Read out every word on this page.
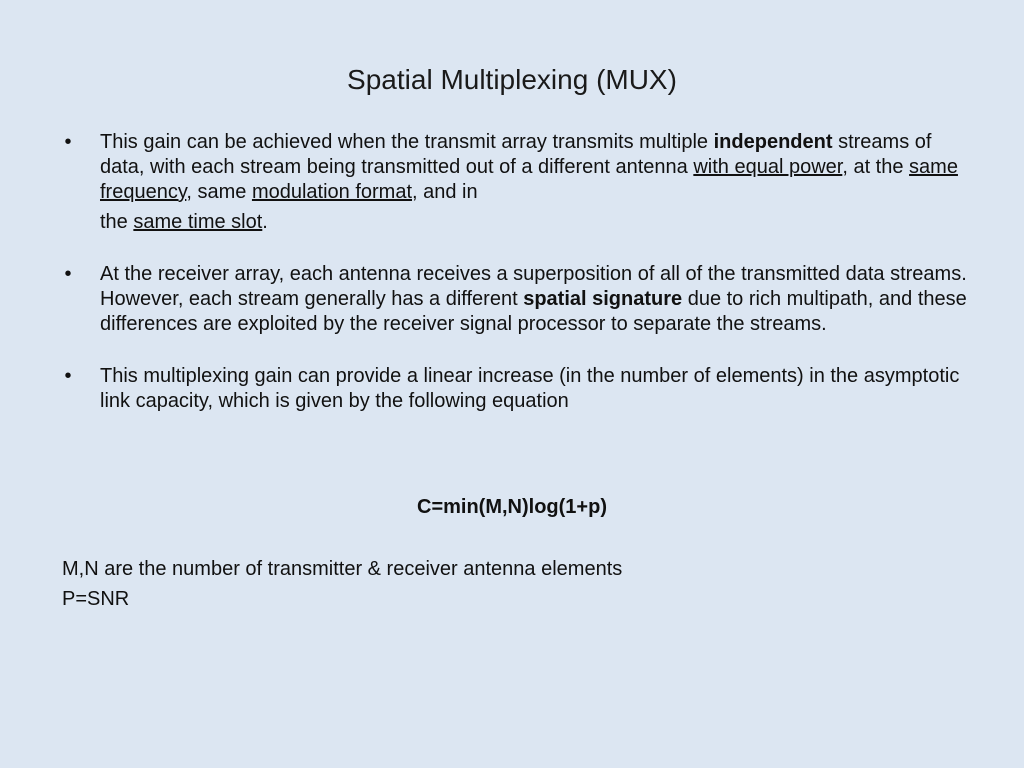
Spatial Multiplexing (MUX)
•	This gain can be achieved when the transmit array transmits multiple independent streams of data, with each stream being transmitted out of a different antenna with equal power, at the same frequency, same modulation format, and in
the same time slot.
•	At the receiver array, each antenna receives a superposition of all of the transmitted data streams. However, each stream generally has a different spatial signature due to rich multipath, and these differences are exploited by the receiver signal processor to separate the streams.
•	This multiplexing gain can provide a linear increase (in the number of elements) in the asymptotic link capacity, which is given by the following equation
C=min(M,N)log(1+p)
M,N are the number of transmitter & receiver antenna elements
P=SNR
